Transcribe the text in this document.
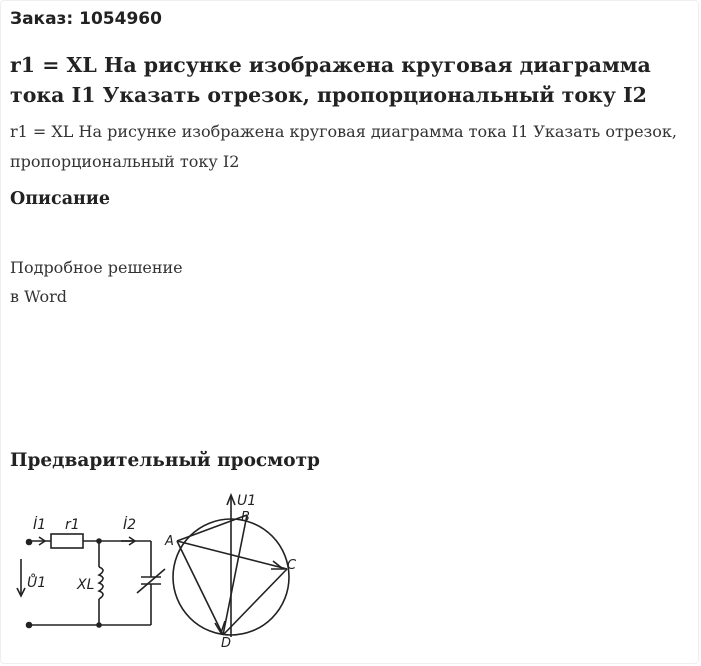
Заказ: 1054960
r1 = XL На рисунке изображена круговая диаграмма тока I1 Указать отрезок, пропорциональный току I2
r1 = XL На рисунке изображена круговая диаграмма тока I1 Указать отрезок, пропорциональный току I2
Описание
Подробное решение
в Word
Предварительный просмотр
İ1 r1	İ2
Ů1 XL
U1
A
B
C
D
